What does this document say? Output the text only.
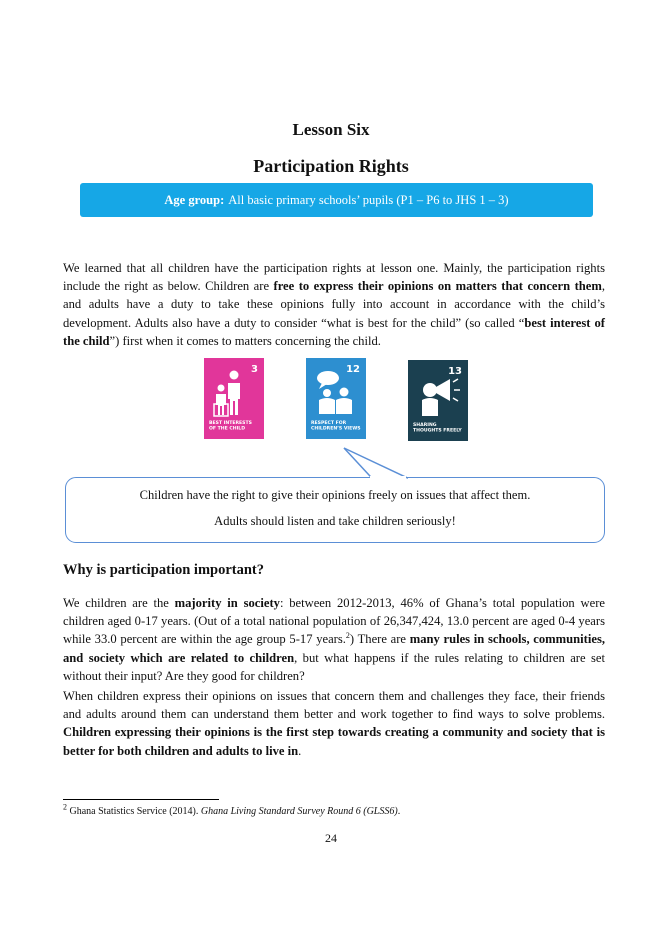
Lesson Six
Participation Rights
Age group: All basic primary schools’ pupils (P1 – P6 to JHS 1 – 3)

We learned that all children have the participation rights at lesson one. Mainly, the participation rights include the right as below. Children are free to express their opinions on matters that concern them, and adults have a duty to take these opinions fully into account in accordance with the child’s development. Adults also have a duty to consider “what is best for the child” (so called “best interest of the child”) first when it comes to matters concerning the child.

3
BEST INTERESTS
OF THE CHILD
12
RESPECT FOR
CHILDREN’S VIEWS
13
SHARING
THOUGHTS FREELY
Children have the right to give their opinions freely on issues that affect them.
Adults should listen and take children seriously!
Why is participation important?

We children are the majority in society: between 2012-2013, 46% of Ghana’s total population were children aged 0-17 years. (Out of a total national population of 26,347,424, 13.0 percent are aged 0-4 years while 33.0 percent are within the age group 5-17 years.$^2$) There are many rules in schools, communities, and society which are related to children, but what happens if the rules relating to children are set without their input? Are they good for children?

When children express their opinions on issues that concern them and challenges they face, their friends and adults around them can understand them better and work together to find ways to solve problems. Children expressing their opinions is the first step towards creating a community and society that is better for both children and adults to live in.

$^2$ Ghana Statistics Service (2014). Ghana Living Standard Survey Round 6 (GLSS6).
24
